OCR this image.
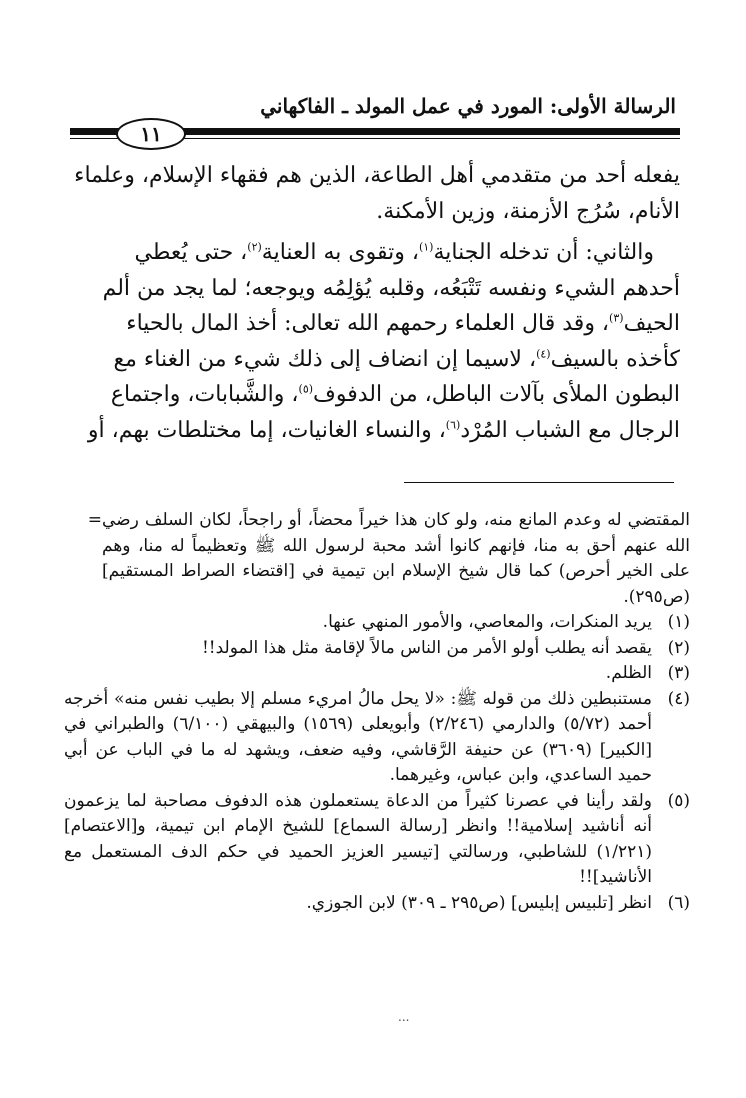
الرسالة الأولى: المورد في عمل المولد ـ الفاكهاني
١١

يفعله أحد من متقدمي أهل الطاعة، الذين هم فقهاء الإسلام، وعلماء

الأنام، سُرُج الأزمنة، وزين الأمكنة.

والثاني: أن تدخله الجناية$^{(١)}$، وتقوى به العناية$^{(٢)}$، حتى يُعطي

أحدهم الشيء ونفسه تَتْبَعُه، وقلبه يُؤلِمُه ويوجعه؛ لما يجد من ألم

الحيف$^{(٣)}$، وقد قال العلماء رحمهم الله تعالى: أخذ المال بالحياء

كأخذه بالسيف$^{(٤)}$، لاسيما إن انضاف إلى ذلك شيء من الغناء مع

البطون الملأى بآلات الباطل، من الدفوف$^{(٥)}$، والشَّبابات، واجتماع

الرجال مع الشباب المُرْد$^{(٦)}$، والنساء الغانيات، إما مختلطات بهم، أو

المقتضي له وعدم المانع منه، ولو كان هذا خيراً محضاً، أو راجحاً، لكان السلف رضي الله عنهم أحق به منا، فإنهم كانوا أشد محبة لرسول الله ﷺ وتعظيماً له منا، وهم على الخير أحرص) كما قال شيخ الإسلام ابن تيمية في [اقتضاء الصراط المستقيم] (ص٢٩٥).
=
(١)
يريد المنكرات، والمعاصي، والأمور المنهي عنها.
(٢)
يقصد أنه يطلب أولو الأمر من الناس مالاً لإقامة مثل هذا المولد!!
(٣)
الظلم.
(٤)
مستنبطين ذلك من قوله ﷺ: «لا يحل مالُ امريء مسلم إلا بطيب نفس منه» أخرجه أحمد (٥/٧٢) والدارمي (٢/٢٤٦) وأبويعلى (١٥٦٩) والبيهقي (٦/١٠٠) والطبراني في [الكبير] (٣٦٠٩) عن حنيفة الرَّقاشي، وفيه ضعف، ويشهد له ما في الباب عن أبي حميد الساعدي، وابن عباس، وغيرهما.
(٥)
ولقد رأينا في عصرنا كثيراً من الدعاة يستعملون هذه الدفوف مصاحبة لما يزعمون أنه أناشيد إسلامية!! وانظر [رسالة السماع] للشيخ الإمام ابن تيمية، و[الاعتصام] (١/٢٢١) للشاطبي، ورسالتي [تيسير العزيز الحميد في حكم الدف المستعمل مع الأناشيد]!!
(٦)
انظر [تلبيس إبليس] (ص٢٩٥ ـ ٣٠٩) لابن الجوزي.
...
